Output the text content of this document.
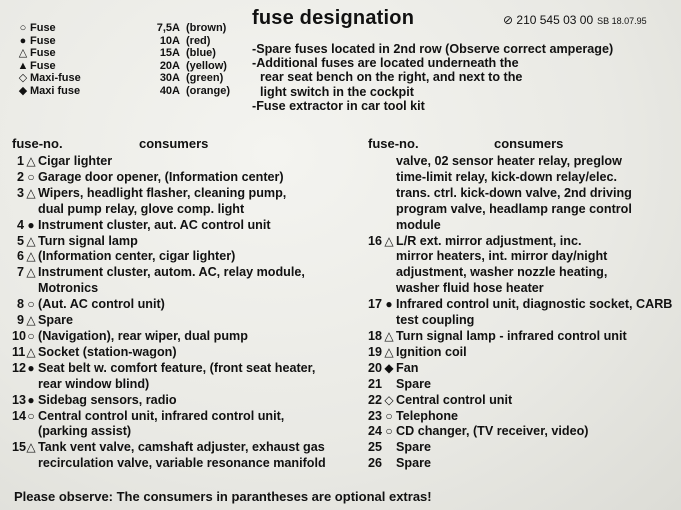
○ Fuse	7,5A (brown)
● Fuse	10A (red)
△ Fuse	15A (blue)
▲ Fuse	20A (yellow)
◇ Maxi-fuse	30A (green)
◆ Maxi fuse	40A (orange)
fuse designation	⊘ 210 545 03 00 SB 18.07.95
-Spare fuses located in 2nd row (Observe correct amperage)
-Additional fuses are located underneath the
rear seat bench on the right, and next to the
light switch in the cockpit
-Fuse extractor in car tool kit
fuse-no.	consumers	fuse-no.	consumers
1 △ Cigar lighter
2 ○ Garage door opener, (Information center)
3 △ Wipers, headlight flasher, cleaning pump,
dual pump relay, glove comp. light
4 ● Instrument cluster, aut. AC control unit
5 △ Turn signal lamp
6 △ (Information center, cigar lighter)
7 △ Instrument cluster, autom. AC, relay module,
Motronics
8 ○ (Aut. AC control unit)
9 △ Spare
10 ○ (Navigation), rear wiper, dual pump
11 △ Socket (station-wagon)
12 ● Seat belt w. comfort feature, (front seat heater,
rear window blind)
13 ● Sidebag sensors, radio
14 ○ Central control unit, infrared control unit,
(parking assist)
15 △ Tank vent valve, camshaft adjuster, exhaust gas
recirculation valve, variable resonance manifold
valve, 02 sensor heater relay, preglow
time-limit relay, kick-down relay/elec.
trans. ctrl. kick-down valve, 2nd driving
program valve, headlamp range control
module
16 △ L/R ext. mirror adjustment, inc.
mirror heaters, int. mirror day/night
adjustment, washer nozzle heating,
washer fluid hose heater
17 ● Infrared control unit, diagnostic socket, CARB
test coupling
18 △ Turn signal lamp - infrared control unit
19 △ Ignition coil
20 ◆ Fan
21 Spare
22 ◇ Central control unit
23 ○ Telephone
24 ○ CD changer, (TV receiver, video)
25 Spare
26 Spare
Please observe: The consumers in parantheses are optional extras!
